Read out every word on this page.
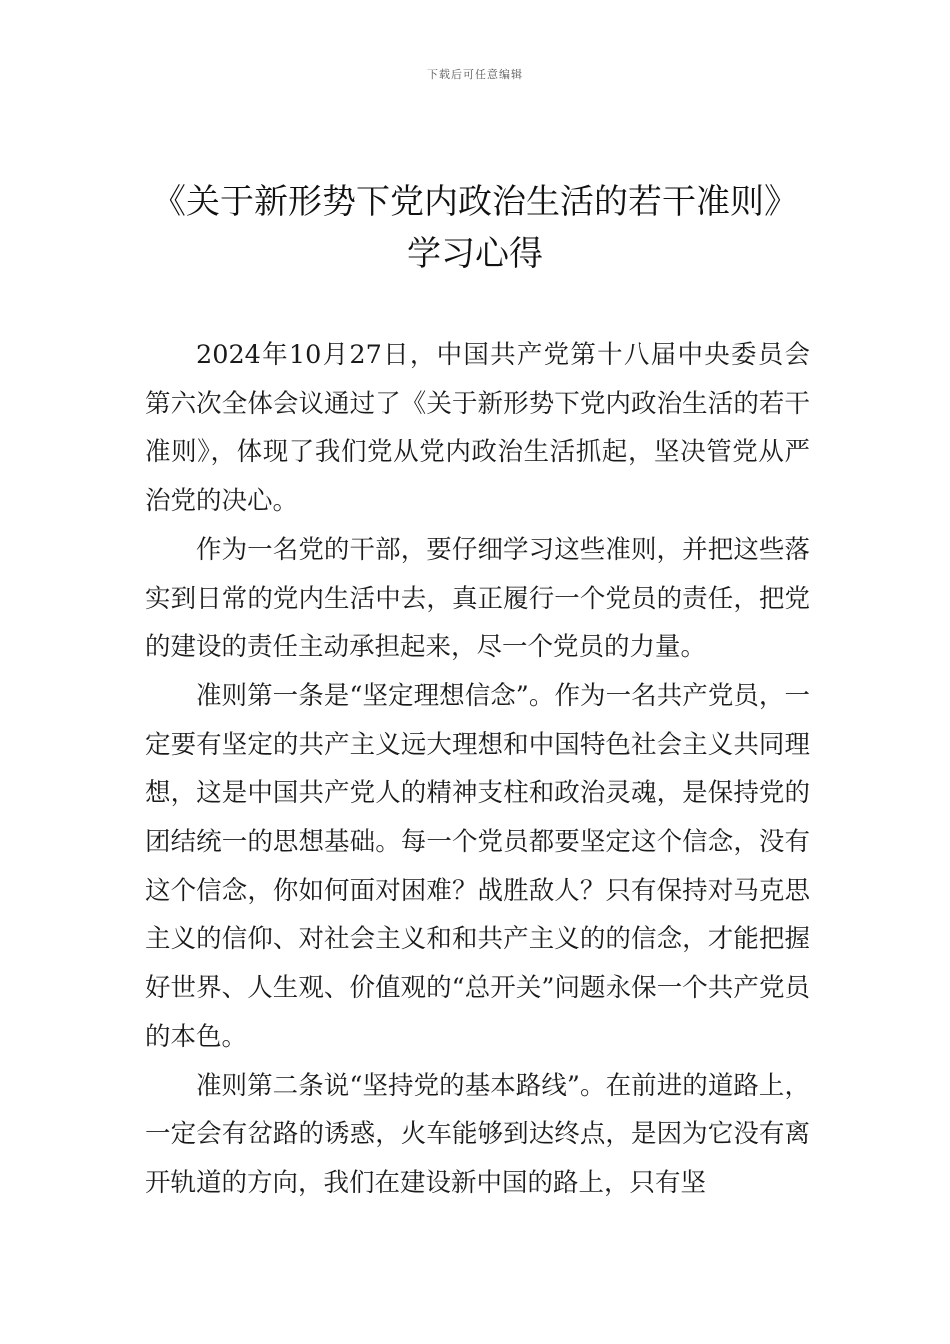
下载后可任意编辑
《关于新形势下党内政治生活的若干准则》学习心得

2024年10月27日，中国共产党第十八届中央委员会第六次全体会议通过了《关于新形势下党内政治生活的若干准则》，体现了我们党从党内政治生活抓起，坚决管党从严治党的决心。

作为一名党的干部，要仔细学习这些准则，并把这些落实到日常的党内生活中去，真正履行一个党员的责任，把党的建设的责任主动承担起来，尽一个党员的力量。

准则第一条是“坚定理想信念”。作为一名共产党员，一定要有坚定的共产主义远大理想和中国特色社会主义共同理想，这是中国共产党人的精神支柱和政治灵魂，是保持党的团结统一的思想基础。每一个党员都要坚定这个信念，没有这个信念，你如何面对困难？战胜敌人？只有保持对马克思主义的信仰、对社会主义和和共产主义的的信念，才能把握好世界、人生观、价值观的“总开关”问题永保一个共产党员的本色。

准则第二条说“坚持党的基本路线”。在前进的道路上，一定会有岔路的诱惑，火车能够到达终点，是因为它没有离开轨道的方向，我们在建设新中国的路上，只有坚
